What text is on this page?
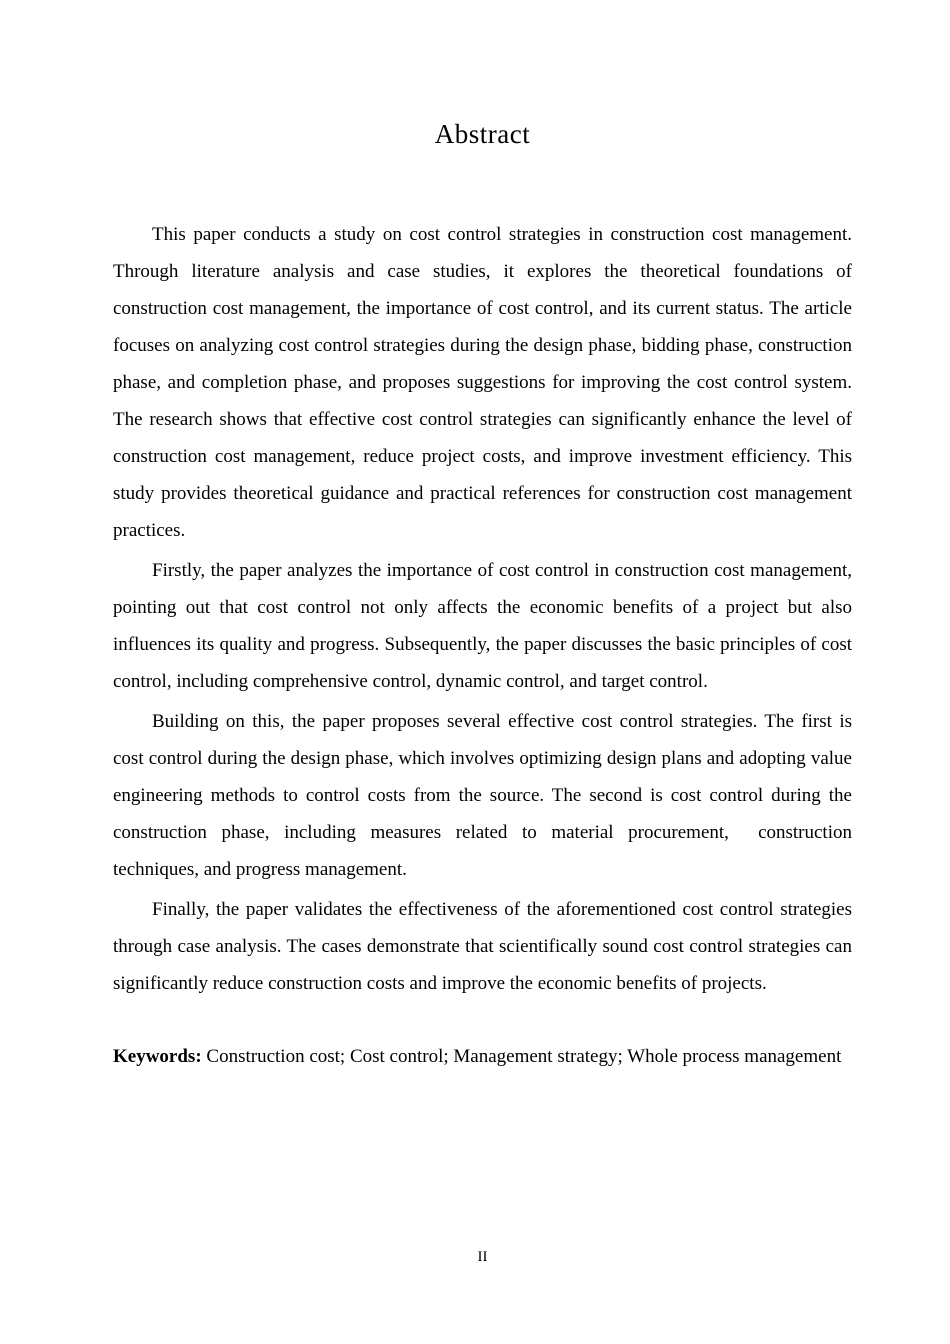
Abstract

This paper conducts a study on cost control strategies in construction cost management. Through literature analysis and case studies, it explores the theoretical foundations of construction cost management, the importance of cost control, and its current status. The article focuses on analyzing cost control strategies during the design phase, bidding phase, construction phase, and completion phase, and proposes suggestions for improving the cost control system. The research shows that effective cost control strategies can significantly enhance the level of construction cost management, reduce project costs, and improve investment efficiency. This study provides theoretical guidance and practical references for construction cost management practices.

Firstly, the paper analyzes the importance of cost control in construction cost management, pointing out that cost control not only affects the economic benefits of a project but also influences its quality and progress. Subsequently, the paper discusses the basic principles of cost control, including comprehensive control, dynamic control, and target control.

Building on this, the paper proposes several effective cost control strategies. The first is cost control during the design phase, which involves optimizing design plans and adopting value engineering methods to control costs from the source. The second is cost control during the construction phase, including measures related to material procurement,  construction techniques, and progress management.

Finally, the paper validates the effectiveness of the aforementioned cost control strategies through case analysis. The cases demonstrate that scientifically sound cost control strategies can significantly reduce construction costs and improve the economic benefits of projects.

Keywords: Construction cost; Cost control; Management strategy; Whole process management

II
